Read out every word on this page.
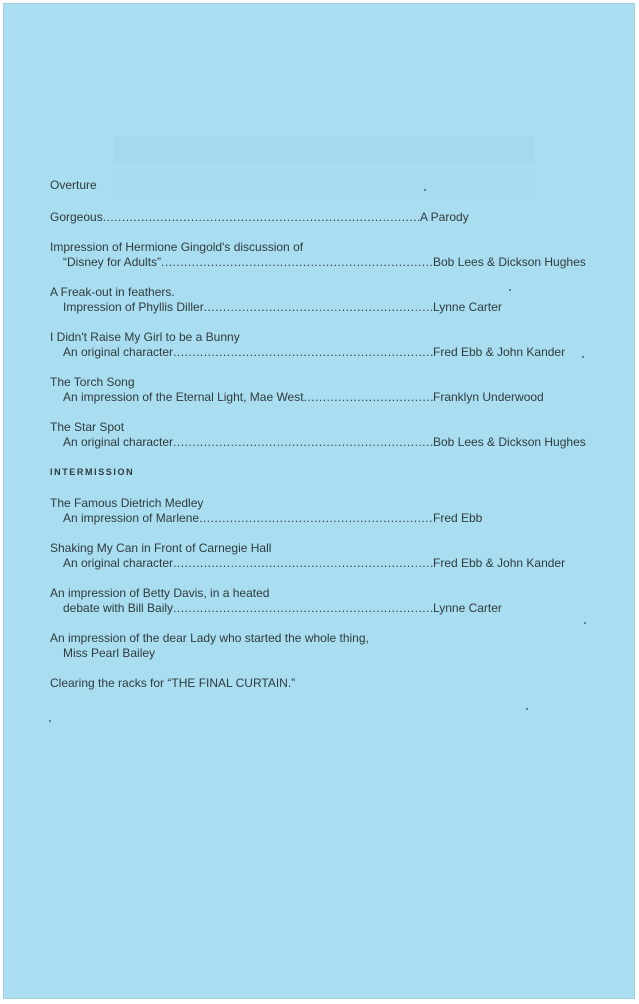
Overture
Gorgeous .....	A Parody
Impression of Hermione Gingold's discussion of
“Disney for Adults” .....	Bob Lees & Dickson Hughes
A Freak-out in feathers.
Impression of Phyllis Diller .....	Lynne Carter
I Didn't Raise My Girl to be a Bunny
An original character .....	Fred Ebb & John Kander
The Torch Song
An impression of the Eternal Light, Mae West .....	Franklyn Underwood
The Star Spot
An original character .....	Bob Lees & Dickson Hughes
INTERMISSION
The Famous Dietrich Medley
An impression of Marlene .....	Fred Ebb
Shaking My Can in Front of Carnegie Hall
An original character .....	Fred Ebb & John Kander
An impression of Betty Davis, in a heated
debate with Bill Baily .....	Lynne Carter
An impression of the dear Lady who started the whole thing,
Miss Pearl Bailey
Clearing the racks for “THE FINAL CURTAIN.”
